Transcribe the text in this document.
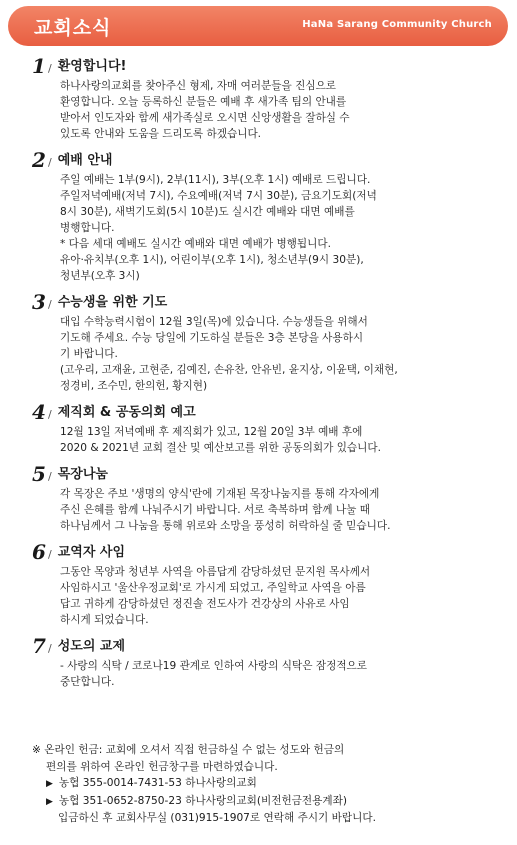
교회소식	HaNa Sarang Community Church
1 / 환영합니다!
하나사랑의교회를 찾아주신 형제, 자매 여러분들을 진심으로
환영합니다. 오늘 등록하신 분들은 예배 후 새가족 팀의 안내를
받아서 인도자와 함께 새가족실로 오시면 신앙생활을 잘하실 수
있도록 안내와 도움을 드리도록 하겠습니다.
2 / 예배 안내
주일 예배는 1부(9시), 2부(11시), 3부(오후 1시) 예배로 드립니다.
주일저녁예배(저녁 7시), 수요예배(저녁 7시 30분), 금요기도회(저녁
8시 30분), 새벽기도회(5시 10분)도 실시간 예배와 대면 예배를
병행합니다.
* 다음 세대 예배도 실시간 예배와 대면 예배가 병행됩니다.
유아·유치부(오후 1시), 어린이부(오후 1시), 청소년부(9시 30분),
청년부(오후 3시)
3 / 수능생을 위한 기도
대입 수학능력시험이 12월 3일(목)에 있습니다. 수능생들을 위해서
기도해 주세요. 수능 당일에 기도하실 분들은 3층 본당을 사용하시
기 바랍니다.
(고우리, 고재윤, 고현준, 김예진, 손유찬, 안유빈, 윤지상, 이윤택, 이채현,
정경비, 조수민, 한의헌, 황지현)
4 / 제직회 & 공동의회 예고
12월 13일 저녁예배 후 제직회가 있고, 12월 20일 3부 예배 후에
2020 & 2021년 교회 결산 및 예산보고를 위한 공동의회가 있습니다.
5 / 목장나눔
각 목장은 주보 '생명의 양식'란에 기재된 목장나눔지를 통해 각자에게
주신 은혜를 함께 나눠주시기 바랍니다. 서로 축복하며 함께 나눌 때
하나님께서 그 나눔을 통해 위로와 소망을 풍성히 허락하실 줄 믿습니다.
6 / 교역자 사임
그동안 목양과 청년부 사역을 아름답게 감당하셨던 문지원 목사께서
사임하시고 '울산우정교회'로 가시게 되었고, 주일학교 사역을 아름
답고 귀하게 감당하셨던 정진솔 전도사가 건강상의 사유로 사임
하시게 되었습니다.
7 / 성도의 교제
- 사랑의 식탁 / 코로나19 관계로 인하여 사랑의 식탁은 잠정적으로
중단합니다.
※ 온라인 헌금: 교회에 오셔서 직접 헌금하실 수 없는 성도와 헌금의
편의를 위하여 온라인 헌금창구를 마련하였습니다.
▶ 농협 355-0014-7431-53 하나사랑의교회
▶ 농협 351-0652-8750-23 하나사랑의교회(비전헌금전용계좌)
입금하신 후 교회사무실 (031)915-1907로 연락해 주시기 바랍니다.
